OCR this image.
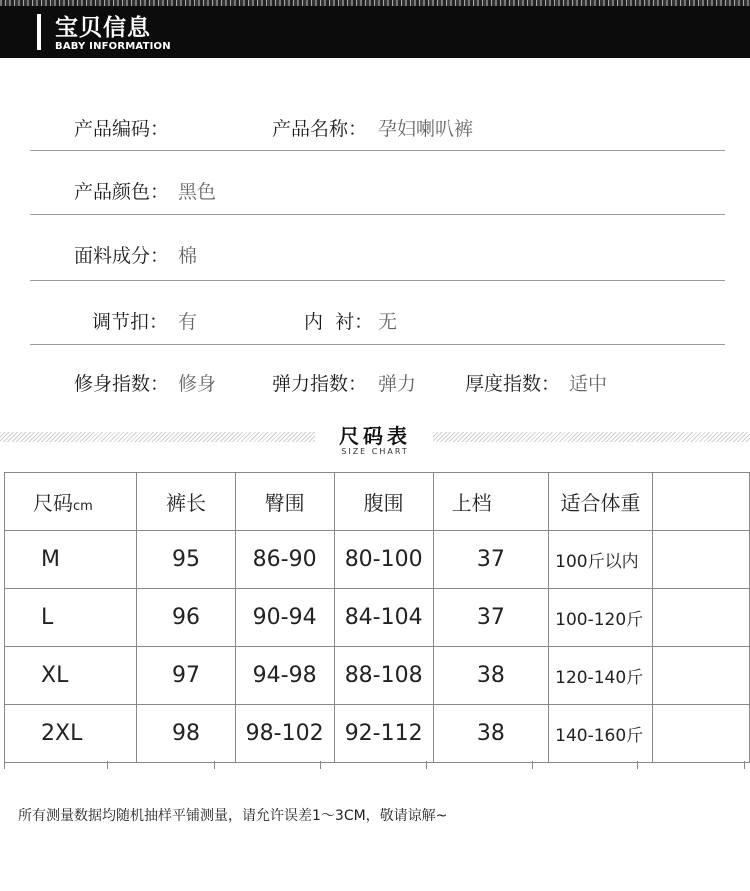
宝贝信息
BABY INFORMATION
产品编码：	产品名称： 孕妇喇叭裤
产品颜色： 黑色
面料成分： 棉
调节扣： 有	内  衬： 无
修身指数： 修身	弹力指数： 弹力	厚度指数： 适中
尺码表
SIZE CHART
尺码cm	裤长	臀围	腹围	上档	适合体重	
M	95	86-90	80-100	37	100斤以内	
L	96	90-94	84-104	37	100-120斤	
XL	97	94-98	88-108	38	120-140斤	
2XL	98	98-102	92-112	38	140-160斤	
所有测量数据均随机抽样平铺测量，请允许误差1～3CM，敬请谅解~
